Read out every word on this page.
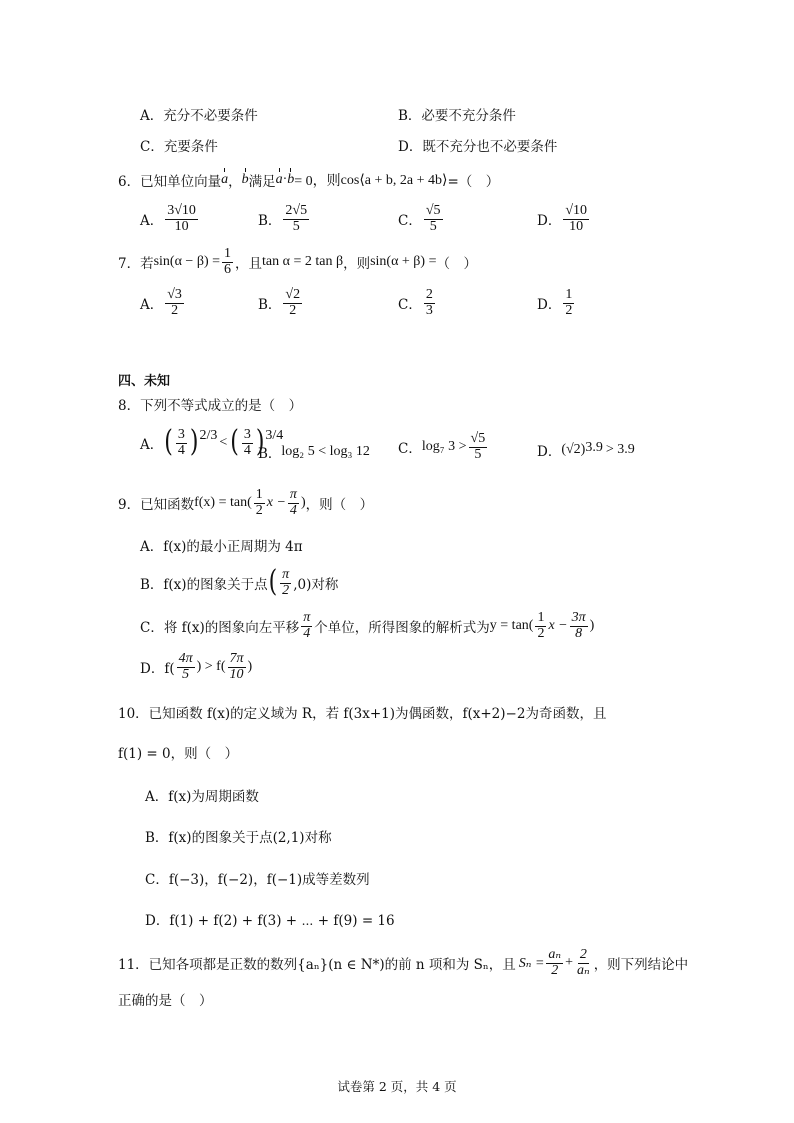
A．充分不必要条件	B．必要不充分条件
C．充要条件	D．既不充分也不必要条件
6．已知单位向量 a ， b 满足 a · b = 0，则 cos⟨a + b, 2a + 4b⟩ =（　）
A． $\frac{3√10}{10}$	B． $\frac{2√5}{5}$	C． $\frac{√5}{5}$	D． $\frac{√10}{10}$
7．若 $\sin(\alpha - \beta) = \frac{1}{6}$ ，且 tan α = 2 tan β ，则 sin(α + β) = （　）
A． $\frac{√3}{2}$	B． $\frac{√2}{2}$	C． $\frac{2}{3}$	D． $\frac{1}{2}$
四、未知
8．下列不等式成立的是（　）
A． ( $\frac{3}{4}$ ) 2/3 < ( $\frac{3}{4}$ ) 3/4
B． log₂ 5 < log₃ 12 C． log₇ $3 > \frac{√5}{5}$	D． (√2) 3.9 > 3.9
9．已知函数 $f(x) = \tan( \frac{1}{2}$ $x - \frac{\pi}{4}$ ) ，则（　）
A．f(x)的最小正周期为 4π
B．f(x)的图象关于点 ( $\frac{\pi}{2} ,0$)对称
C．将 f(x)的图象向左平移 $\frac{\pi}{4}$ 个单位，所得图象的解析式为 $y = \tan( \frac{1}{2}$ $x - \frac{3\pi}{8}$ )
D．$f( \frac{4\pi}{5}$ ) > $f( \frac{7\pi}{10}$ )
10．已知函数 f(x)的定义域为 R，若 f(3x+1)为偶函数，f(x+2)−2为奇函数，且
f(1) = 0，则（　）
A．f(x)为周期函数
B．f(x)的图象关于点(2,1)对称
C．f(−3)，f(−2)，f(−1)成等差数列
D．f(1) + f(2) + f(3) + ⋯ + f(9) = 16
11．已知各项都是正数的数列{aₙ}(n ∈ N*)的前 n 项和为 Sₙ，且 $S_n = \frac{\text{aₙ}}{2} + \frac{2}{\text{aₙ}}$ ，则下列结论中
正确的是（　）
试卷第 2 页，共 4 页
